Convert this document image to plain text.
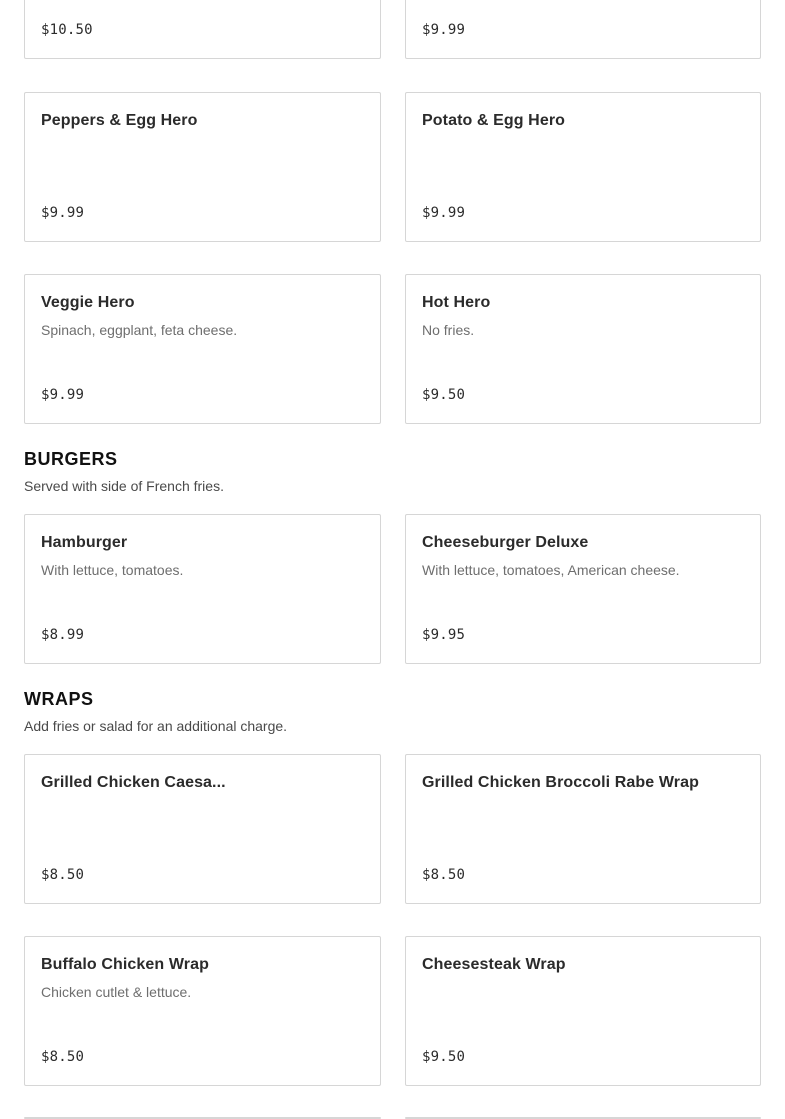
$10.50	$9.99
Peppers & Egg Hero
$9.99
Potato & Egg Hero
$9.99
Veggie Hero
Spinach, eggplant, feta cheese.
$9.99
Hot Hero
No fries.
$9.50
BURGERS

Served with side of French fries.

Hamburger
With lettuce, tomatoes.
$8.99
Cheeseburger Deluxe
With lettuce, tomatoes, American cheese.
$9.95
WRAPS

Add fries or salad for an additional charge.

Grilled Chicken Caesa...
$8.50
Grilled Chicken Broccoli Rabe Wrap
$8.50
Buffalo Chicken Wrap
Chicken cutlet & lettuce.
$8.50
Cheesesteak Wrap
$9.50
